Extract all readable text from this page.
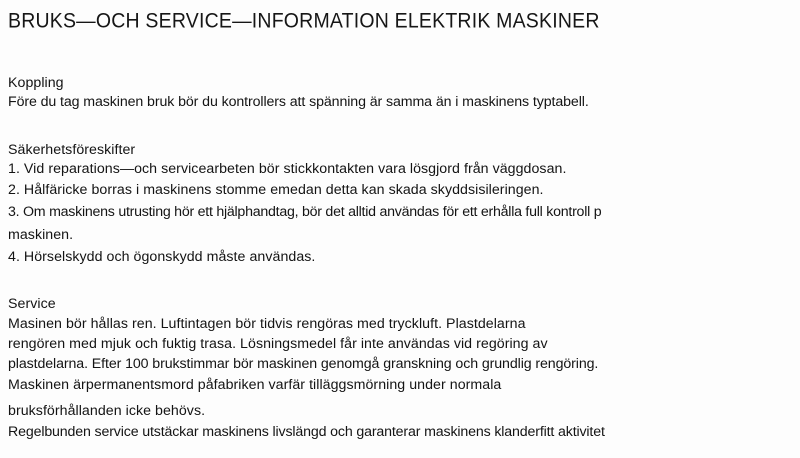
BRUKS—OCH SERVICE—INFORMATION ELEKTRIK MASKINER
Koppling
Före du tag maskinen bruk bör du kontrollers att spänning är samma än i maskinens typtabell.
Säkerhetsföreskifter
1. Vid reparations—och servicearbeten bör stickkontakten vara lösgjord från väggdosan.
2. Hålfäricke borras i maskinens stomme emedan detta kan skada skyddsisileringen.
3. Om maskinens utrusting hör ett hjälphandtag, bör det alltid användas för ett erhålla full kontroll p
maskinen.
4. Hörselskydd och ögonskydd måste användas.
Service
Masinen bör hållas ren. Luftintagen bör tidvis rengöras med tryckluft. Plastdelarna
rengören med mjuk och fuktig trasa. Lösningsmedel får inte användas vid regöring av
plastdelarna. Efter 100 brukstimmar bör maskinen genomgå granskning och grundlig rengöring.
Maskinen ärpermanentsmord påfabriken varfär tilläggsmörning under normala
bruksförhållanden icke behövs.
Regelbunden service utstäckar maskinens livslängd och garanterar maskinens klanderfitt aktivitet
